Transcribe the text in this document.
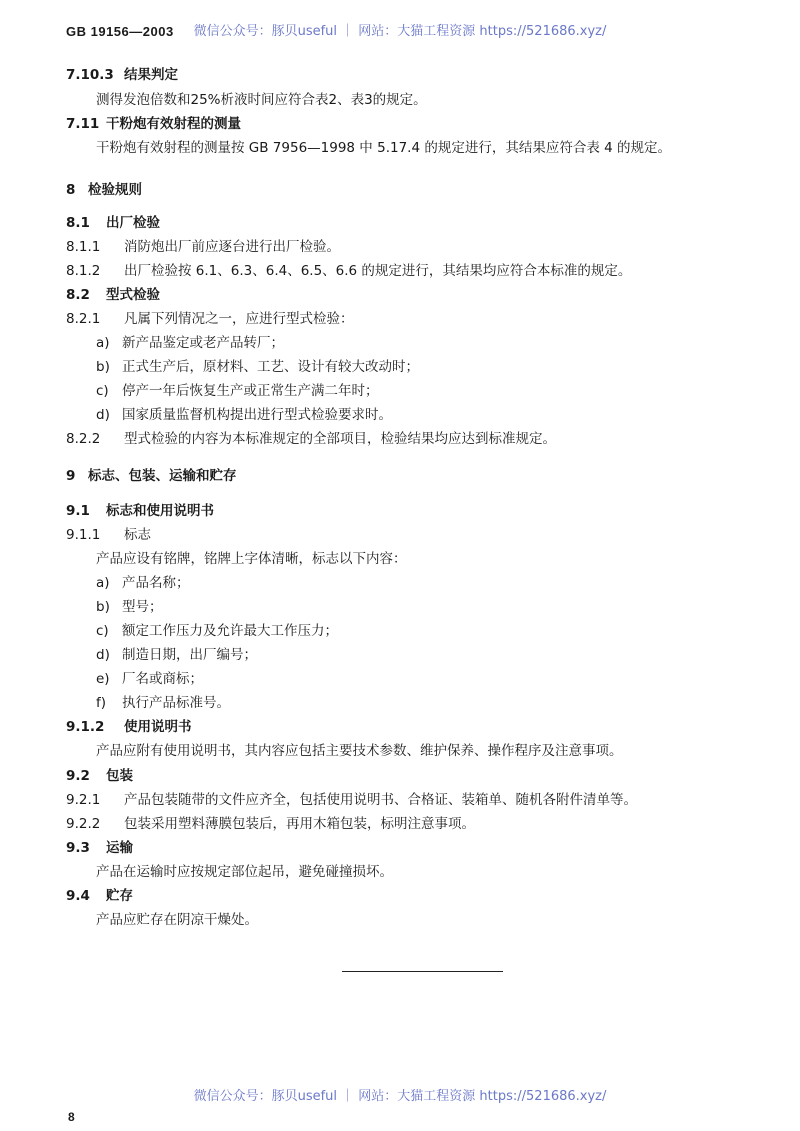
GB 19156—2003	微信公众号：豚贝useful ｜ 网站：大猫工程资源 https://521686.xyz/
7.10.3 结果判定
测得发泡倍数和25%析液时间应符合表2、表3的规定。
7.11 干粉炮有效射程的测量
干粉炮有效射程的测量按 GB 7956—1998 中 5.17.4 的规定进行，其结果应符合表 4 的规定。
8 检验规则
8.1 出厂检验
8.1.1 消防炮出厂前应逐台进行出厂检验。
8.1.2 出厂检验按 6.1、6.3、6.4、6.5、6.6 的规定进行，其结果均应符合本标准的规定。
8.2 型式检验
8.2.1 凡属下列情况之一，应进行型式检验：
a) 新产品鉴定或老产品转厂；
b) 正式生产后，原材料、工艺、设计有较大改动时；
c) 停产一年后恢复生产或正常生产满二年时；
d) 国家质量监督机构提出进行型式检验要求时。
8.2.2 型式检验的内容为本标准规定的全部项目，检验结果均应达到标准规定。
9 标志、包装、运输和贮存
9.1 标志和使用说明书
9.1.1 标志
产品应设有铭牌，铭牌上字体清晰，标志以下内容：
a) 产品名称；
b) 型号；
c) 额定工作压力及允许最大工作压力；
d) 制造日期，出厂编号；
e) 厂名或商标；
f) 执行产品标准号。
9.1.2 使用说明书
产品应附有使用说明书，其内容应包括主要技术参数、维护保养、操作程序及注意事项。
9.2 包装
9.2.1 产品包装随带的文件应齐全，包括使用说明书、合格证、装箱单、随机各附件清单等。
9.2.2 包装采用塑料薄膜包装后，再用木箱包装，标明注意事项。
9.3 运输
产品在运输时应按规定部位起吊，避免碰撞损坏。
9.4 贮存
产品应贮存在阴凉干燥处。
微信公众号：豚贝useful ｜ 网站：大猫工程资源 https://521686.xyz/
8
